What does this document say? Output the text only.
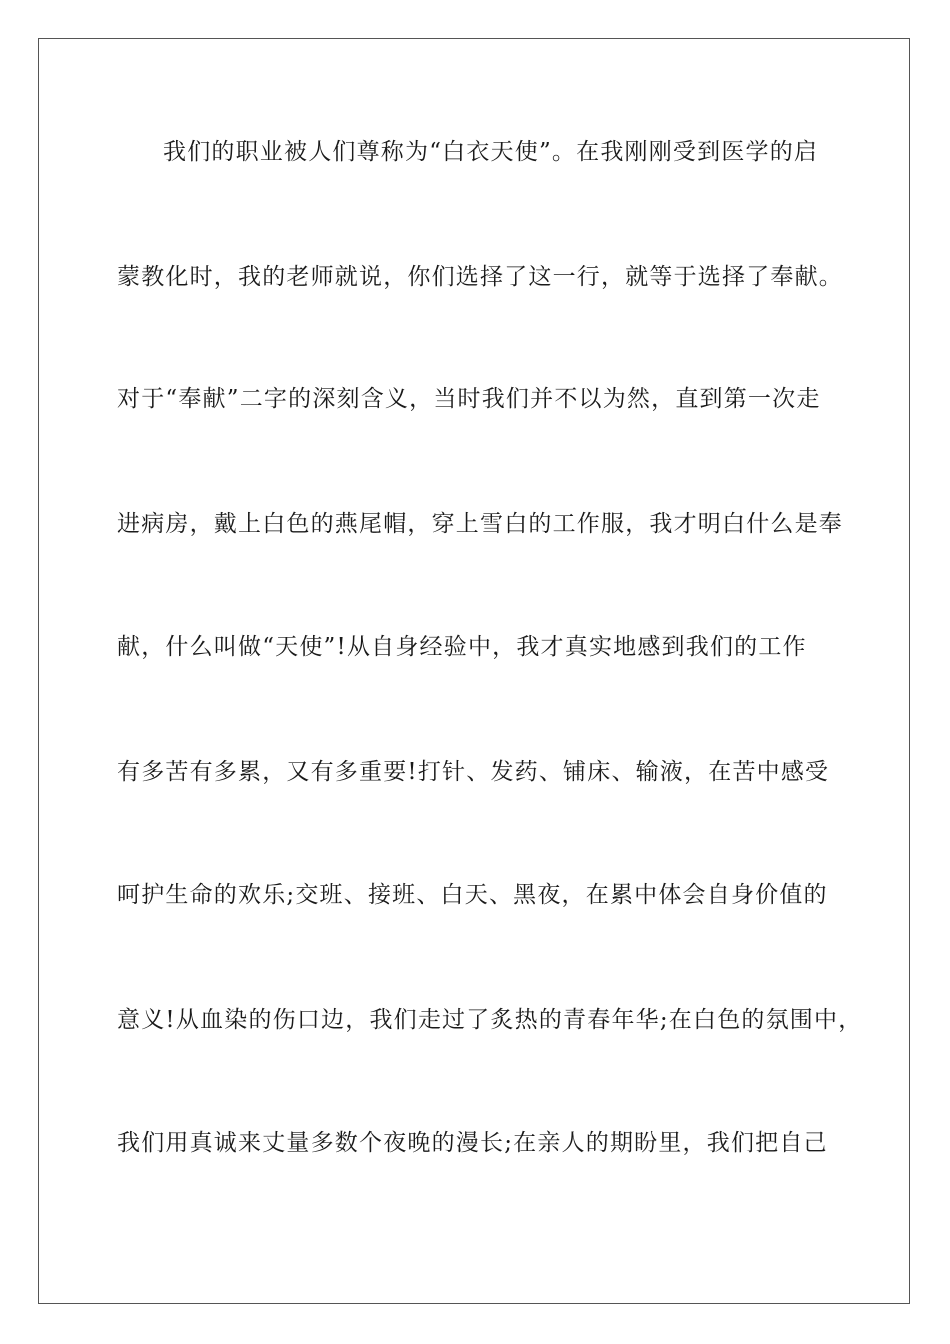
我们的职业被人们尊称为“白衣天使”。在我刚刚受到医学的启
蒙教化时，我的老师就说，你们选择了这一行，就等于选择了奉献。
对于“奉献”二字的深刻含义，当时我们并不以为然，直到第一次走
进病房，戴上白色的燕尾帽，穿上雪白的工作服，我才明白什么是奉
献，什么叫做“天使”!从自身经验中，我才真实地感到我们的工作
有多苦有多累，又有多重要!打针、发药、铺床、输液，在苦中感受
呵护生命的欢乐;交班、接班、白天、黑夜，在累中体会自身价值的
意义!从血染的伤口边，我们走过了炙热的青春年华;在白色的氛围中，
我们用真诚来丈量多数个夜晚的漫长;在亲人的期盼里，我们把自己
